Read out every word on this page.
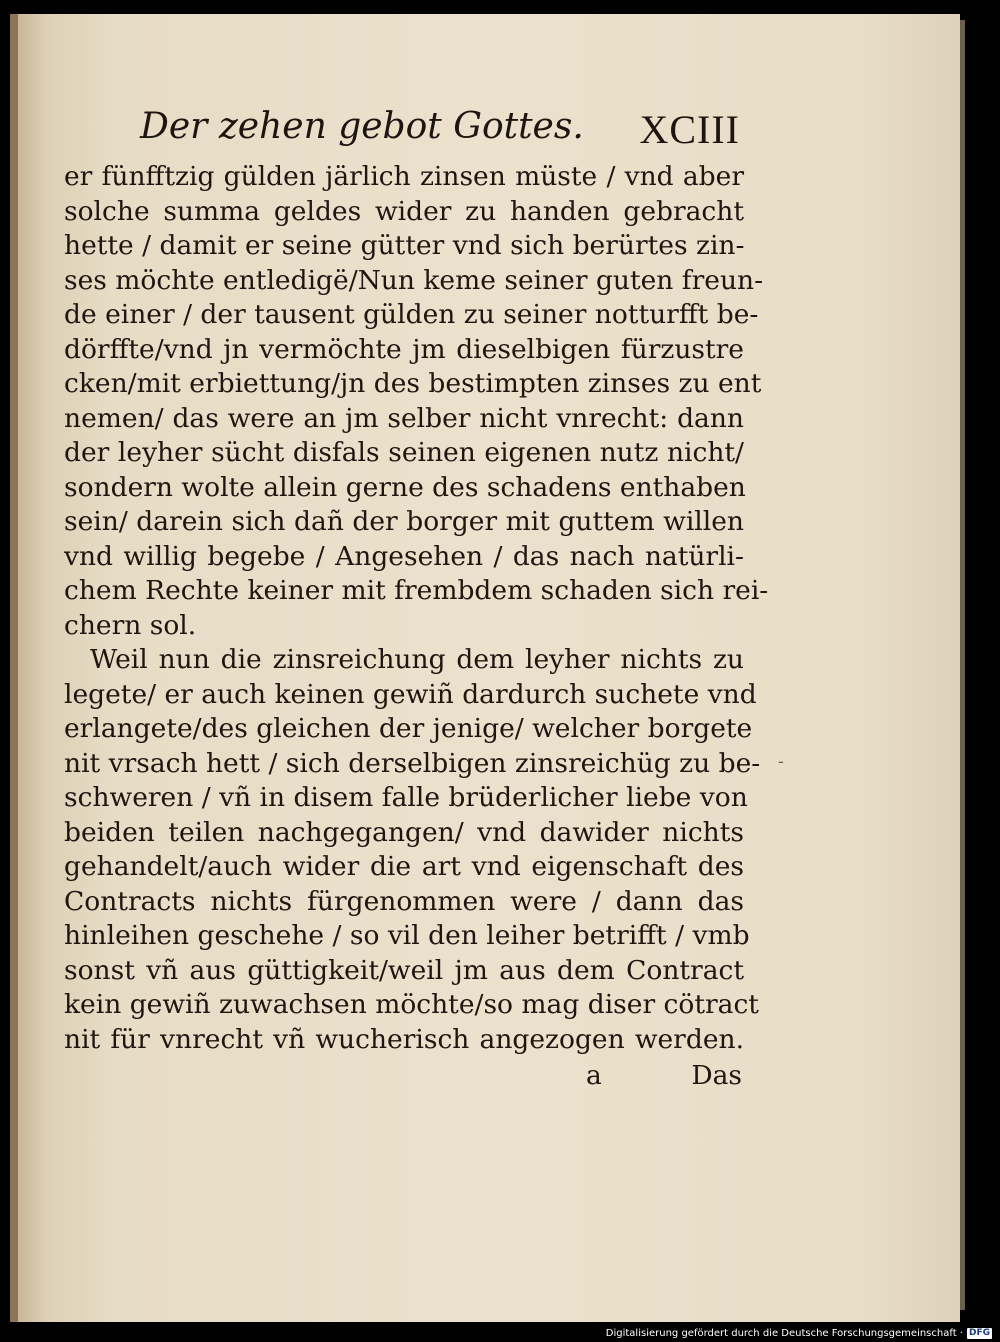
Der zehen gebot Gottes. XCIII
er fünfftzig gülden järlich zinsen müste / vnd aber
solche summa geldes wider zu handen gebracht
hette / damit er seine gütter vnd sich berürtes zin-
ses möchte entledigë/Nun keme seiner guten freun-
de einer / der tausent gülden zu seiner notturfft be-
dörffte/vnd jn vermöchte jm dieselbigen fürzustre
cken/mit erbiettung/jn des bestimpten zinses zu ent
nemen/ das were an jm selber nicht vnrecht: dann
der leyher sücht disfals seinen eigenen nutz nicht/
sondern wolte allein gerne des schadens enthaben
sein/ darein sich dañ der borger mit guttem willen
vnd willig begebe / Angesehen / das nach natürli-
chem Rechte keiner mit frembdem schaden sich rei-
chern sol.
Weil nun die zinsreichung dem leyher nichts zu
legete/ er auch keinen gewiñ dardurch suchete vnd
erlangete/des gleichen der jenige/ welcher borgete
nit vrsach hett / sich derselbigen zinsreichüg zu be-
schweren / vñ in disem falle brüderlicher liebe von
beiden teilen nachgegangen/ vnd dawider nichts
gehandelt/auch wider die art vnd eigenschaft des
Contracts nichts fürgenommen were / dann das
hinleihen geschehe / so vil den leiher betrifft / vmb
sonst vñ aus güttigkeit/weil jm aus dem Contract
kein gewiñ zuwachsen möchte/so mag diser cötract
nit für vnrecht vñ wucherisch angezogen werden.
a	Das
-
Digitalisierung gefördert durch die Deutsche Forschungsgemeinschaft · DFG
